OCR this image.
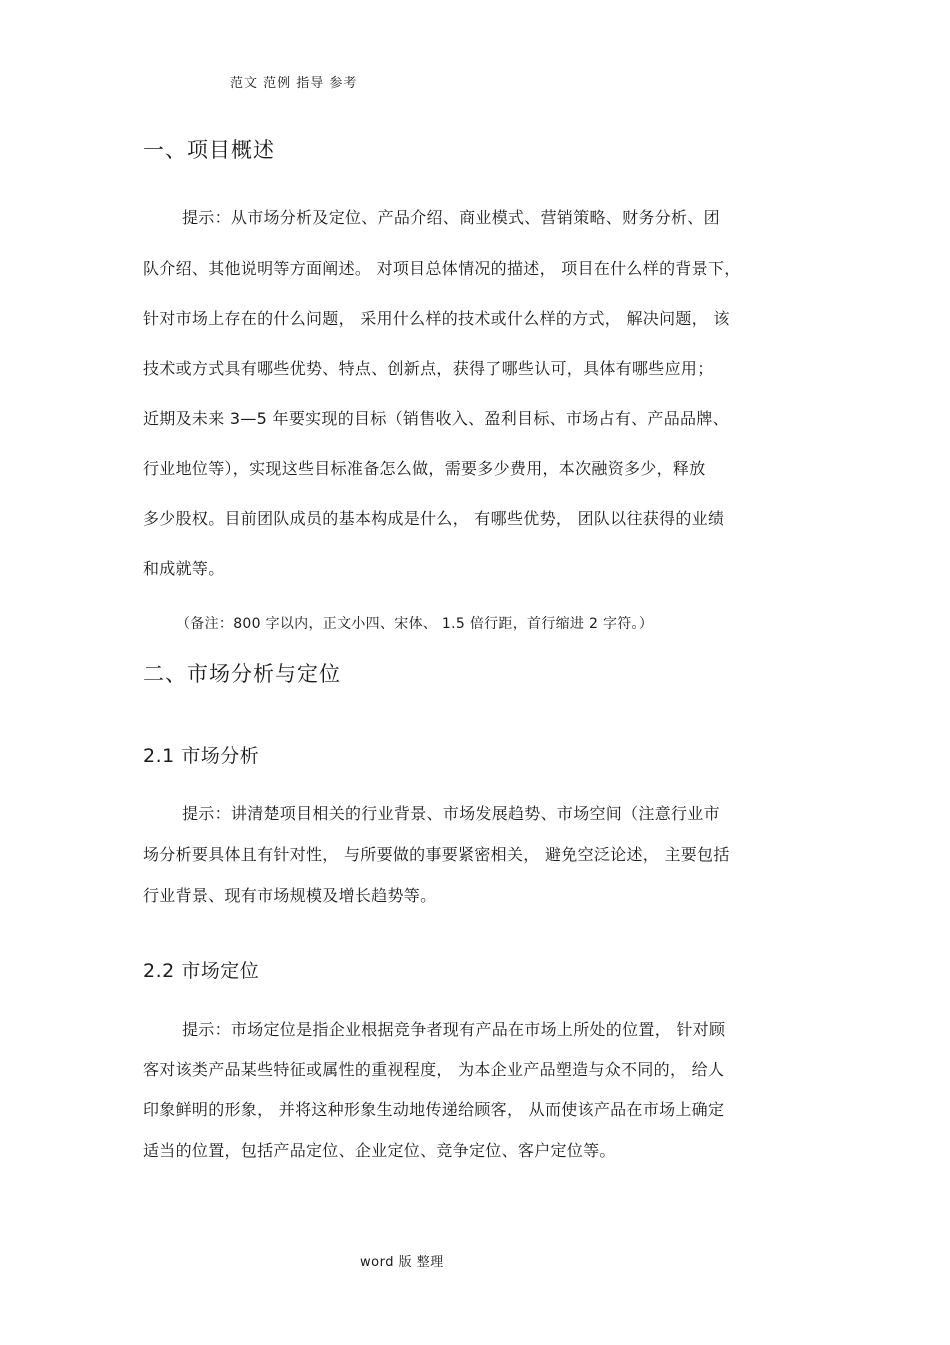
范文 范例 指导 参考
一、项目概述
提示：从市场分析及定位、产品介绍、商业模式、营销策略、财务分析、团
队介绍、其他说明等方面阐述。 对项目总体情况的描述， 项目在什么样的背景下，
针对市场上存在的什么问题， 采用什么样的技术或什么样的方式， 解决问题， 该
技术或方式具有哪些优势、特点、创新点，获得了哪些认可，具体有哪些应用；
近期及未来 3—5 年要实现的目标（销售收入、盈利目标、市场占有、产品品牌、
行业地位等），实现这些目标准备怎么做，需要多少费用，本次融资多少，释放
多少股权。目前团队成员的基本构成是什么， 有哪些优势， 团队以往获得的业绩
和成就等。
（备注：800 字以内，正文小四、宋体、 1.5 倍行距，首行缩进 2 字符。）
二、市场分析与定位
2.1 市场分析
提示：讲清楚项目相关的行业背景、市场发展趋势、市场空间（注意行业市
场分析要具体且有针对性， 与所要做的事要紧密相关， 避免空泛论述， 主要包括
行业背景、现有市场规模及增长趋势等。
2.2 市场定位
提示：市场定位是指企业根据竞争者现有产品在市场上所处的位置， 针对顾
客对该类产品某些特征或属性的重视程度， 为本企业产品塑造与众不同的， 给人
印象鲜明的形象， 并将这种形象生动地传递给顾客， 从而使该产品在市场上确定
适当的位置，包括产品定位、企业定位、竞争定位、客户定位等。
word 版 整理
